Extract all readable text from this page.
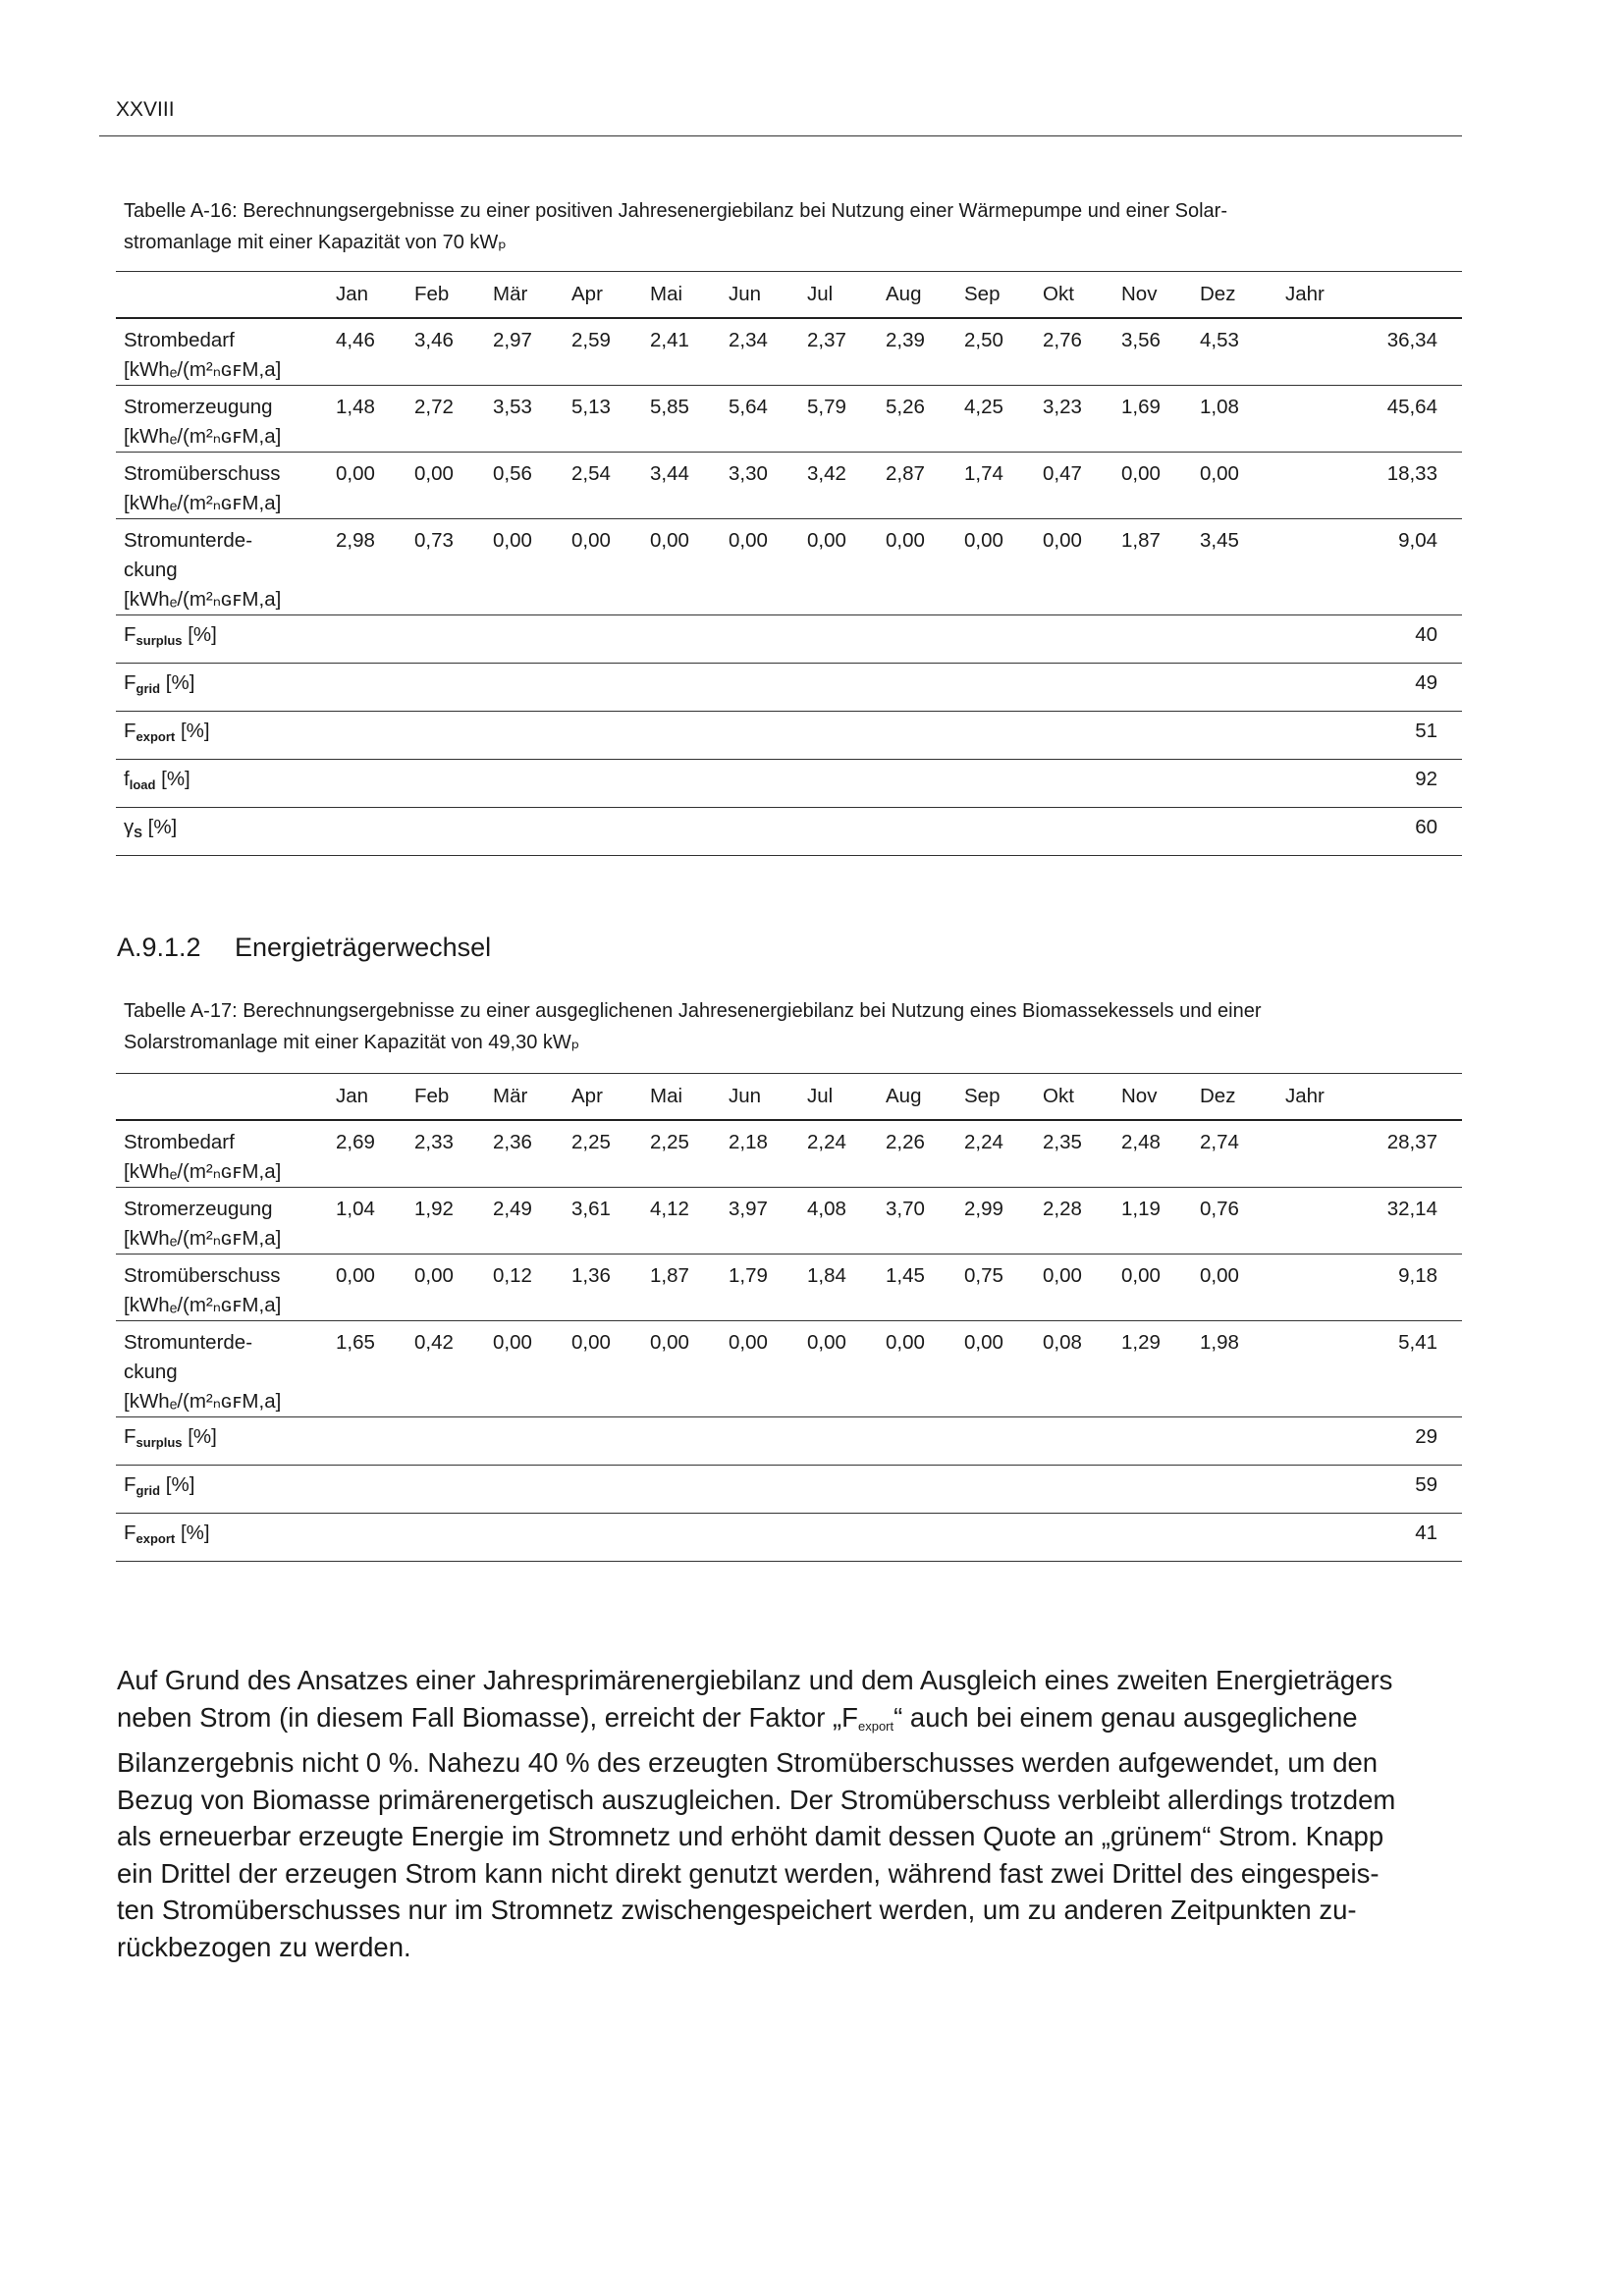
XXVIII
Tabelle A-16: Berechnungsergebnisse zu einer positiven Jahresenergiebilanz bei Nutzung einer Wärmepumpe und einer Solar-
stromanlage mit einer Kapazität von 70 kWₚ
	Jan	Feb	Mär	Apr	Mai	Jun	Jul	Aug	Sep	Okt	Nov	Dez	Jahr

Strombedarf
[kWhₑ/(m²ₙɢꜰM,a]	4,46	3,46	2,97	2,59	2,41	2,34	2,37	2,39	2,50	2,76	3,56	4,53	36,34

Stromerzeugung
[kWhₑ/(m²ₙɢꜰM,a]	1,48	2,72	3,53	5,13	5,85	5,64	5,79	5,26	4,25	3,23	1,69	1,08	45,64

Stromüberschuss
[kWhₑ/(m²ₙɢꜰM,a]	0,00	0,00	0,56	2,54	3,44	3,30	3,42	2,87	1,74	0,47	0,00	0,00	18,33

Stromunterde-
ckung
[kWhₑ/(m²ₙɢꜰM,a]	2,98	0,73	0,00	0,00	0,00	0,00	0,00	0,00	0,00	0,00	1,87	3,45	9,04
$F_{surplus}$ [%]													40
$F_{grid}$ [%]													49
$F_{export}$ [%]													51
$f_{load}$ [%]													92
$\gamma_S$ [%]													60
A.9.1.2 Energieträgerwechsel
Tabelle A-17: Berechnungsergebnisse zu einer ausgeglichenen Jahresenergiebilanz bei Nutzung eines Biomassekessels und einer
Solarstromanlage mit einer Kapazität von 49,30 kWₚ
	Jan	Feb	Mär	Apr	Mai	Jun	Jul	Aug	Sep	Okt	Nov	Dez	Jahr

Strombedarf
[kWhₑ/(m²ₙɢꜰM,a]	2,69	2,33	2,36	2,25	2,25	2,18	2,24	2,26	2,24	2,35	2,48	2,74	28,37

Stromerzeugung
[kWhₑ/(m²ₙɢꜰM,a]	1,04	1,92	2,49	3,61	4,12	3,97	4,08	3,70	2,99	2,28	1,19	0,76	32,14

Stromüberschuss
[kWhₑ/(m²ₙɢꜰM,a]	0,00	0,00	0,12	1,36	1,87	1,79	1,84	1,45	0,75	0,00	0,00	0,00	9,18

Stromunterde-
ckung
[kWhₑ/(m²ₙɢꜰM,a]	1,65	0,42	0,00	0,00	0,00	0,00	0,00	0,00	0,00	0,08	1,29	1,98	5,41
$F_{surplus}$ [%]													29
$F_{grid}$ [%]													59
$F_{export}$ [%]													41
Auf Grund des Ansatzes einer Jahresprimärenergiebilanz und dem Ausgleich eines zweiten Energieträgers
neben Strom (in diesem Fall Biomasse), erreicht der Faktor „Fexport“ auch bei einem genau ausgeglichene
Bilanzergebnis nicht 0 %. Nahezu 40 % des erzeugten Stromüberschusses werden aufgewendet, um den
Bezug von Biomasse primärenergetisch auszugleichen. Der Stromüberschuss verbleibt allerdings trotzdem
als erneuerbar erzeugte Energie im Stromnetz und erhöht damit dessen Quote an „grünem“ Strom. Knapp
ein Drittel der erzeugen Strom kann nicht direkt genutzt werden, während fast zwei Drittel des eingespeis-
ten Stromüberschusses nur im Stromnetz zwischengespeichert werden, um zu anderen Zeitpunkten zu-
rückbezogen zu werden.
